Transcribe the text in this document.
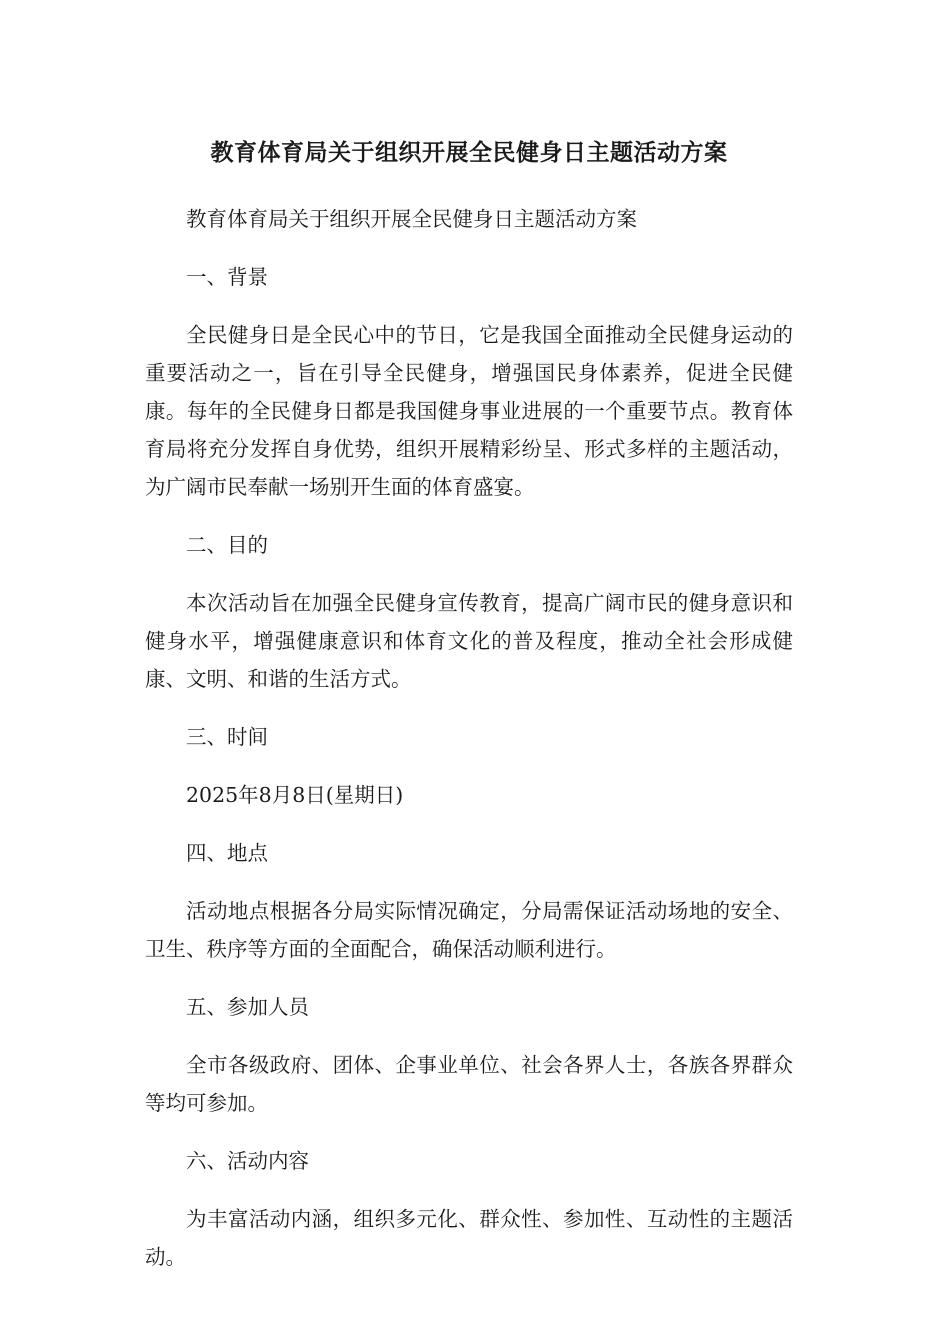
教育体育局关于组织开展全民健身日主题活动方案

教育体育局关于组织开展全民健身日主题活动方案

一、背景

全民健身日是全民心中的节日，它是我国全面推动全民健身运动的重要活动之一，旨在引导全民健身，增强国民身体素养，促进全民健康。每年的全民健身日都是我国健身事业进展的一个重要节点。教育体育局将充分发挥自身优势，组织开展精彩纷呈、形式多样的主题活动，为广阔市民奉献一场别开生面的体育盛宴。

二、目的

本次活动旨在加强全民健身宣传教育，提高广阔市民的健身意识和健身水平，增强健康意识和体育文化的普及程度，推动全社会形成健康、文明、和谐的生活方式。

三、时间

2025年8月8日(星期日)

四、地点

活动地点根据各分局实际情况确定，分局需保证活动场地的安全、卫生、秩序等方面的全面配合，确保活动顺利进行。

五、参加人员

全市各级政府、团体、企事业单位、社会各界人士，各族各界群众等均可参加。

六、活动内容

为丰富活动内涵，组织多元化、群众性、参加性、互动性的主题活动。
